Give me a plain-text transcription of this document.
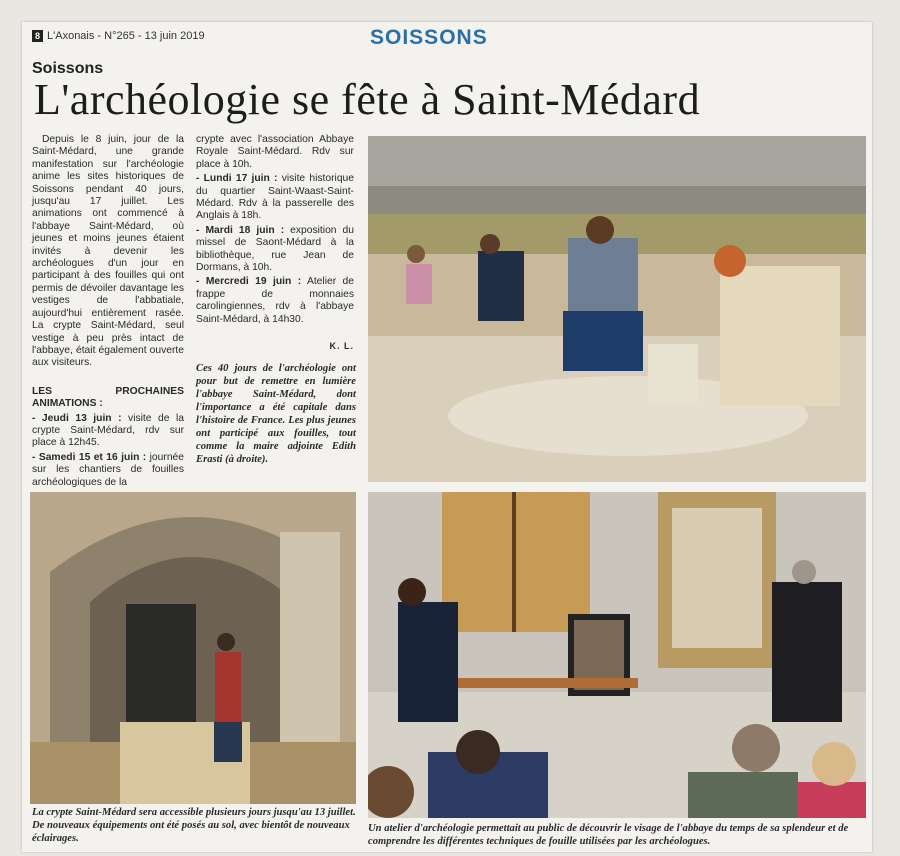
8 L'Axonais - N°265 - 13 juin 2019	SOISSONS
Soissons
L'archéologie se fête à Saint-Médard

Depuis le 8 juin, jour de la Saint-Médard, une grande manifestation sur l'archéologie anime les sites historiques de Soissons pendant 40 jours, jusqu'au 17 juillet. Les animations ont commencé à l'abbaye Saint-Médard, où jeunes et moins jeunes étaient invités à devenir les archéologues d'un jour en participant à des fouilles qui ont permis de dévoiler davantage les vestiges de l'abbatiale, aujourd'hui entièrement rasée. La crypte Saint-Médard, seul vestige à peu près intact de l'abbaye, était également ouverte aux visiteurs.

LES PROCHAINES ANIMATIONS :
- Jeudi 13 juin : visite de la crypte Saint-Médard, rdv sur place à 12h45.
- Samedi 15 et 16 juin : journée sur les chantiers de fouilles archéologiques de la
crypte avec l'association Abbaye Royale Saint-Médard. Rdv sur place à 10h.
- Lundi 17 juin : visite historique du quartier Saint-Waast-Saint-Médard. Rdv à la passerelle des Anglais à 18h.
- Mardi 18 juin : exposition du missel de Saont-Médard à la bibliothèque, rue Jean de Dormans, à 10h.
- Mercredi 19 juin : Atelier de frappe de monnaies carolingiennes, rdv à l'abbaye Saint-Médard, à 14h30.
K. L.
Ces 40 jours de l'archéologie ont pour but de remettre en lumière l'abbaye Saint-Médard, dont l'importance a été capitale dans l'histoire de France. Les plus jeunes ont participé aux fouilles, tout comme la maire adjointe Edith Erasti (à droite).
La crypte Saint-Médard sera accessible plusieurs jours jusqu'au 13 juillet. De nouveaux équipements ont été posés au sol, avec bientôt de nouveaux éclairages.
Un atelier d'archéologie permettait au public de découvrir le visage de l'abbaye du temps de sa splendeur et de comprendre les différentes techniques de fouille utilisées par les archéologues.
